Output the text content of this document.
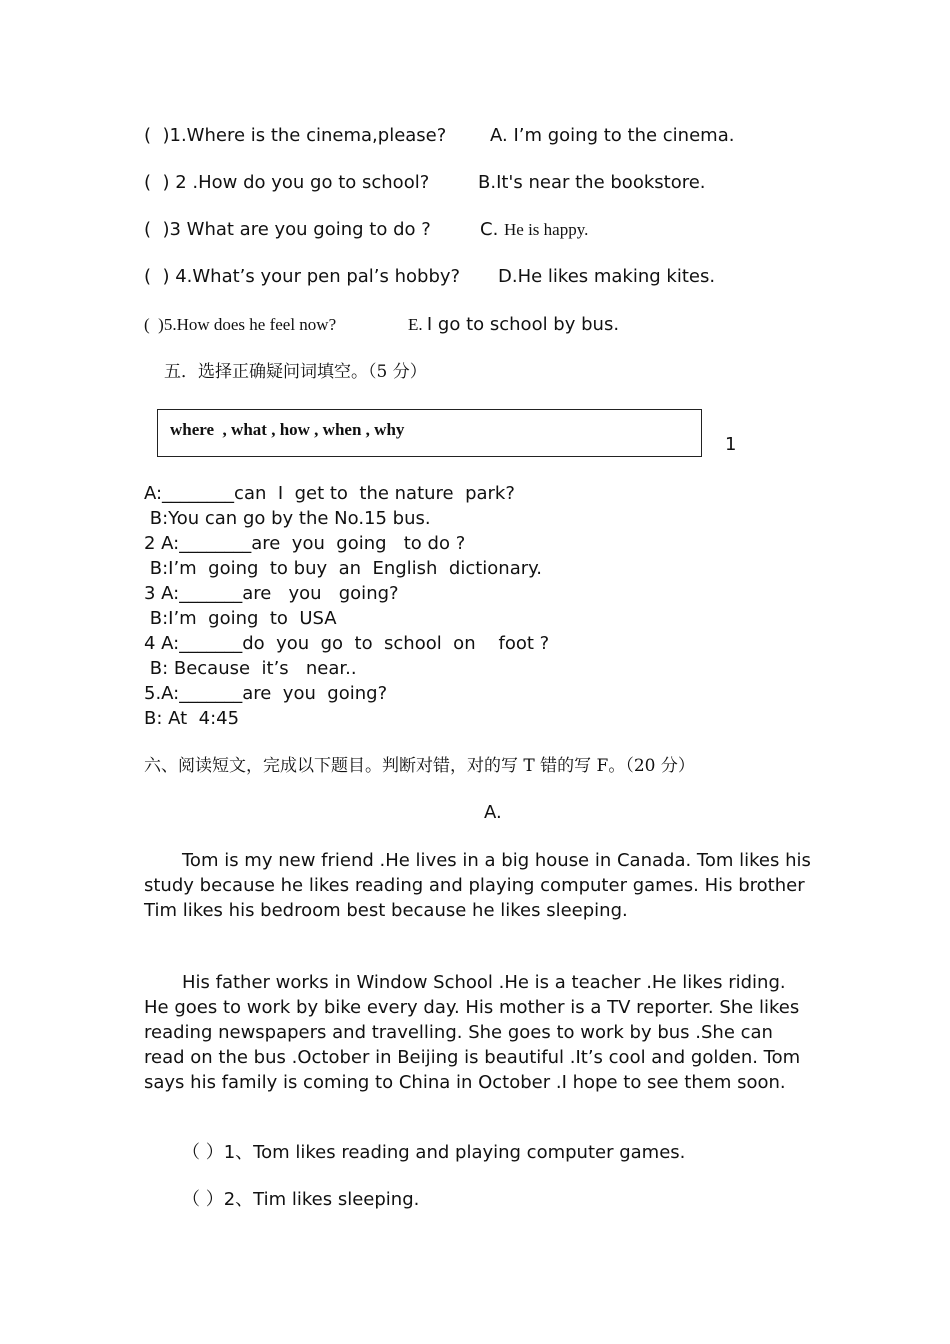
(  )1.Where is the cinema,please? A. I’m going to the cinema.
(  ) 2 .How do you go to school?	B.It's near the bookstore.
(  )3 What are you going to do ?	C. He is happy.
(  ) 4.What’s your pen pal’s hobby? D.He likes making kites.
(  )5.How does he feel now?	E. I go to school by bus.
五．选择正确疑问词填空。（5 分）
where  , what , how , when , why
1
A:________can  I  get to  the nature  park?
B:You can go by the No.15 bus.
2 A:________are  you  going   to do ?
B:I’m  going  to buy  an  English  dictionary.
3 A:_______are   you   going?
B:I’m  going  to  USA
4 A:_______do  you  go  to  school  on    foot ?
B: Because  it’s   near..
5.A:_______are  you  going?
B: At  4:45
六、阅读短文，完成以下题目。判断对错，对的写 T 错的写 F。（20 分）
A.
Tom is my new friend .He lives in a big house in Canada. Tom likes his study because he likes reading and playing computer games. His brother Tim likes his bedroom best because he likes sleeping.
His father works in Window School .He is a teacher .He likes riding. He goes to work by bike every day. His mother is a TV reporter. She likes reading newspapers and travelling. She goes to work by bus .She can read on the bus .October in Beijing is beautiful .It’s cool and golden. Tom says his family is coming to China in October .I hope to see them soon.
（ ）1、Tom likes reading and playing computer games.
（ ）2、Tim likes sleeping.
